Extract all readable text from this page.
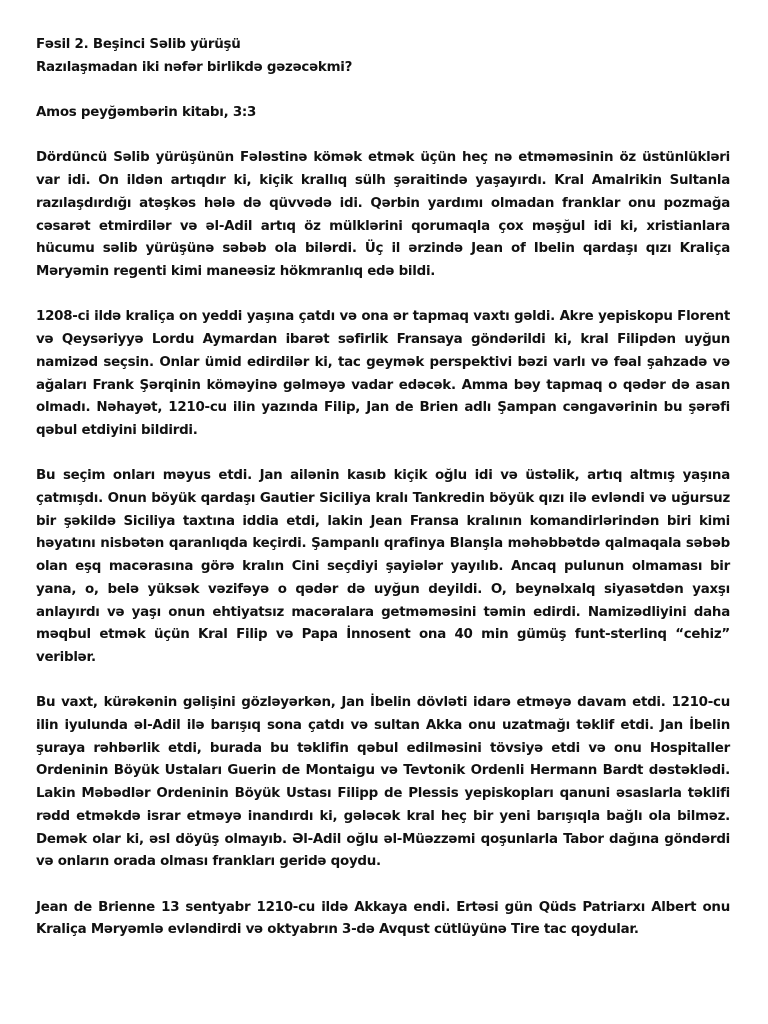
Fəsil 2. Beşinci Səlib yürüşü

Razılaşmadan iki nəfər birlikdə gəzəcəkmi?

Amos peyğəmbərin kitabı, 3:3

Dördüncü Səlib yürüşünün Fələstinə kömək etmək üçün heç nə etməməsinin öz üstünlükləri var idi. On ildən artıqdır ki, kiçik krallıq sülh şəraitində yaşayırdı. Kral Amalrikin Sultanla razılaşdırdığı atəşkəs hələ də qüvvədə idi. Qərbin yardımı olmadan franklar onu pozmağa cəsarət etmirdilər və əl-Adil artıq öz mülklərini qorumaqla çox məşğul idi ki, xristianlara hücumu səlib yürüşünə səbəb ola bilərdi. Üç il ərzində Jean of Ibelin qardaşı qızı Kraliça Məryəmin regenti kimi maneəsiz hökmranlıq edə bildi.

1208-ci ildə kraliça on yeddi yaşına çatdı və ona ər tapmaq vaxtı gəldi. Akre yepiskopu Florent və Qeysəriyyə Lordu Aymardan ibarət səfirlik Fransaya göndərildi ki, kral Filipdən uyğun namizəd seçsin. Onlar ümid edirdilər ki, tac geymək perspektivi bəzi varlı və fəal şahzadə və ağaları Frank Şərqinin köməyinə gəlməyə vadar edəcək. Amma bəy tapmaq o qədər də asan olmadı. Nəhayət, 1210-cu ilin yazında Filip, Jan de Brien adlı Şampan cəngavərinin bu şərəfi qəbul etdiyini bildirdi.

Bu seçim onları məyus etdi. Jan ailənin kasıb kiçik oğlu idi və üstəlik, artıq altmış yaşına çatmışdı. Onun böyük qardaşı Gautier Siciliya kralı Tankredin böyük qızı ilə evləndi və uğursuz bir şəkildə Siciliya taxtına iddia etdi, lakin Jean Fransa kralının komandirlərindən biri kimi həyatını nisbətən qaranlıqda keçirdi. Şampanlı qrafinya Blanşla məhəbbətdə qalmaqala səbəb olan eşq macərasına görə kralın Cini seçdiyi şayiələr yayılıb. Ancaq pulunun olmaması bir yana, o, belə yüksək vəzifəyə o qədər də uyğun deyildi. O, beynəlxalq siyasətdən yaxşı anlayırdı və yaşı onun ehtiyatsız macəralara getməməsini təmin edirdi. Namizədliyini daha məqbul etmək üçün Kral Filip və Papa İnnosent ona 40 min gümüş funt-sterlinq “cehiz” veriblər.

Bu vaxt, kürəkənin gəlişini gözləyərkən, Jan İbelin dövləti idarə etməyə davam etdi. 1210-cu ilin iyulunda əl-Adil ilə barışıq sona çatdı və sultan Akka onu uzatmağı təklif etdi. Jan İbelin şuraya rəhbərlik etdi, burada bu təklifin qəbul edilməsini tövsiyə etdi və onu Hospitaller Ordeninin Böyük Ustaları Guerin de Montaigu və Tevtonik Ordenli Hermann Bardt dəstəklədi. Lakin Məbədlər Ordeninin Böyük Ustası Filipp de Plessis yepiskopları qanuni əsaslarla təklifi rədd etməkdə israr etməyə inandırdı ki, gələcək kral heç bir yeni barışıqla bağlı ola bilməz. Demək olar ki, əsl döyüş olmayıb. Əl-Adil oğlu əl-Müəzzəmi qoşunlarla Tabor dağına göndərdi və onların orada olması frankları geridə qoydu.

Jean de Brienne 13 sentyabr 1210-cu ildə Akkaya endi. Ertəsi gün Qüds Patriarxı Albert onu Kraliça Məryəmlə evləndirdi və oktyabrın 3-də Avqust cütlüyünə Tire tac qoydular.
